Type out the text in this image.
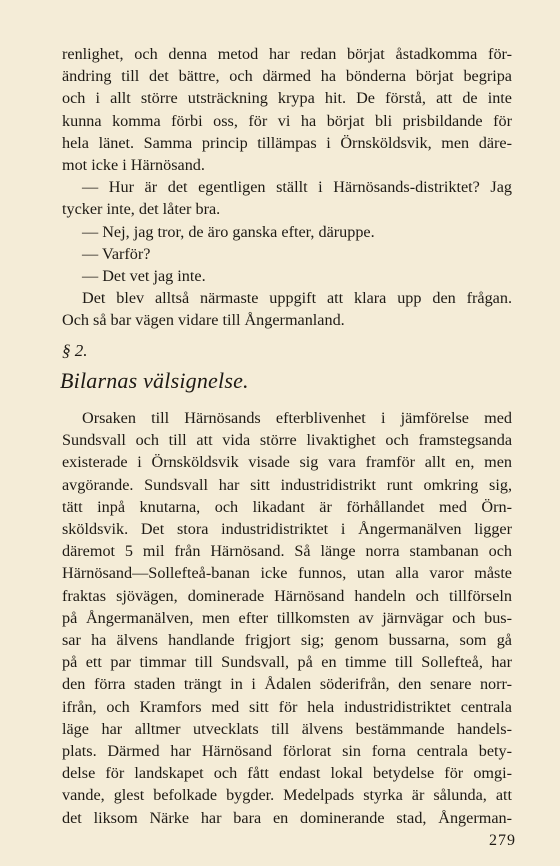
renlighet, och denna metod har redan börjat åstadkomma för-
ändring till det bättre, och därmed ha bönderna börjat begripa
och i allt större utsträckning krypa hit. De förstå, att de inte
kunna komma förbi oss, för vi ha börjat bli prisbildande för
hela länet. Samma princip tillämpas i Örnsköldsvik, men däre-
mot icke i Härnösand.
— Hur är det egentligen ställt i Härnösands-distriktet? Jag
tycker inte, det låter bra.
— Nej, jag tror, de äro ganska efter, däruppe.
— Varför?
— Det vet jag inte.
Det blev alltså närmaste uppgift att klara upp den frågan.
Och så bar vägen vidare till Ångermanland.
§ 2.
Bilarnas välsignelse.
Orsaken till Härnösands efterblivenhet i jämförelse med
Sundsvall och till att vida större livaktighet och framstegsanda
existerade i Örnsköldsvik visade sig vara framför allt en, men
avgörande. Sundsvall har sitt industridistrikt runt omkring sig,
tätt inpå knutarna, och likadant är förhållandet med Örn-
sköldsvik. Det stora industridistriktet i Ångermanälven ligger
däremot 5 mil från Härnösand. Så länge norra stambanan och
Härnösand—Sollefteå-banan icke funnos, utan alla varor måste
fraktas sjövägen, dominerade Härnösand handeln och tillförseln
på Ångermanälven, men efter tillkomsten av järnvägar och bus-
sar ha älvens handlande frigjort sig; genom bussarna, som gå
på ett par timmar till Sundsvall, på en timme till Sollefteå, har
den förra staden trängt in i Ådalen söderifrån, den senare norr-
ifrån, och Kramfors med sitt för hela industridistriktet centrala
läge har alltmer utvecklats till älvens bestämmande handels-
plats. Därmed har Härnösand förlorat sin forna centrala bety-
delse för landskapet och fått endast lokal betydelse för omgi-
vande, glest befolkade bygder. Medelpads styrka är sålunda, att
det liksom Närke har bara en dominerande stad, Ångerman-
279
